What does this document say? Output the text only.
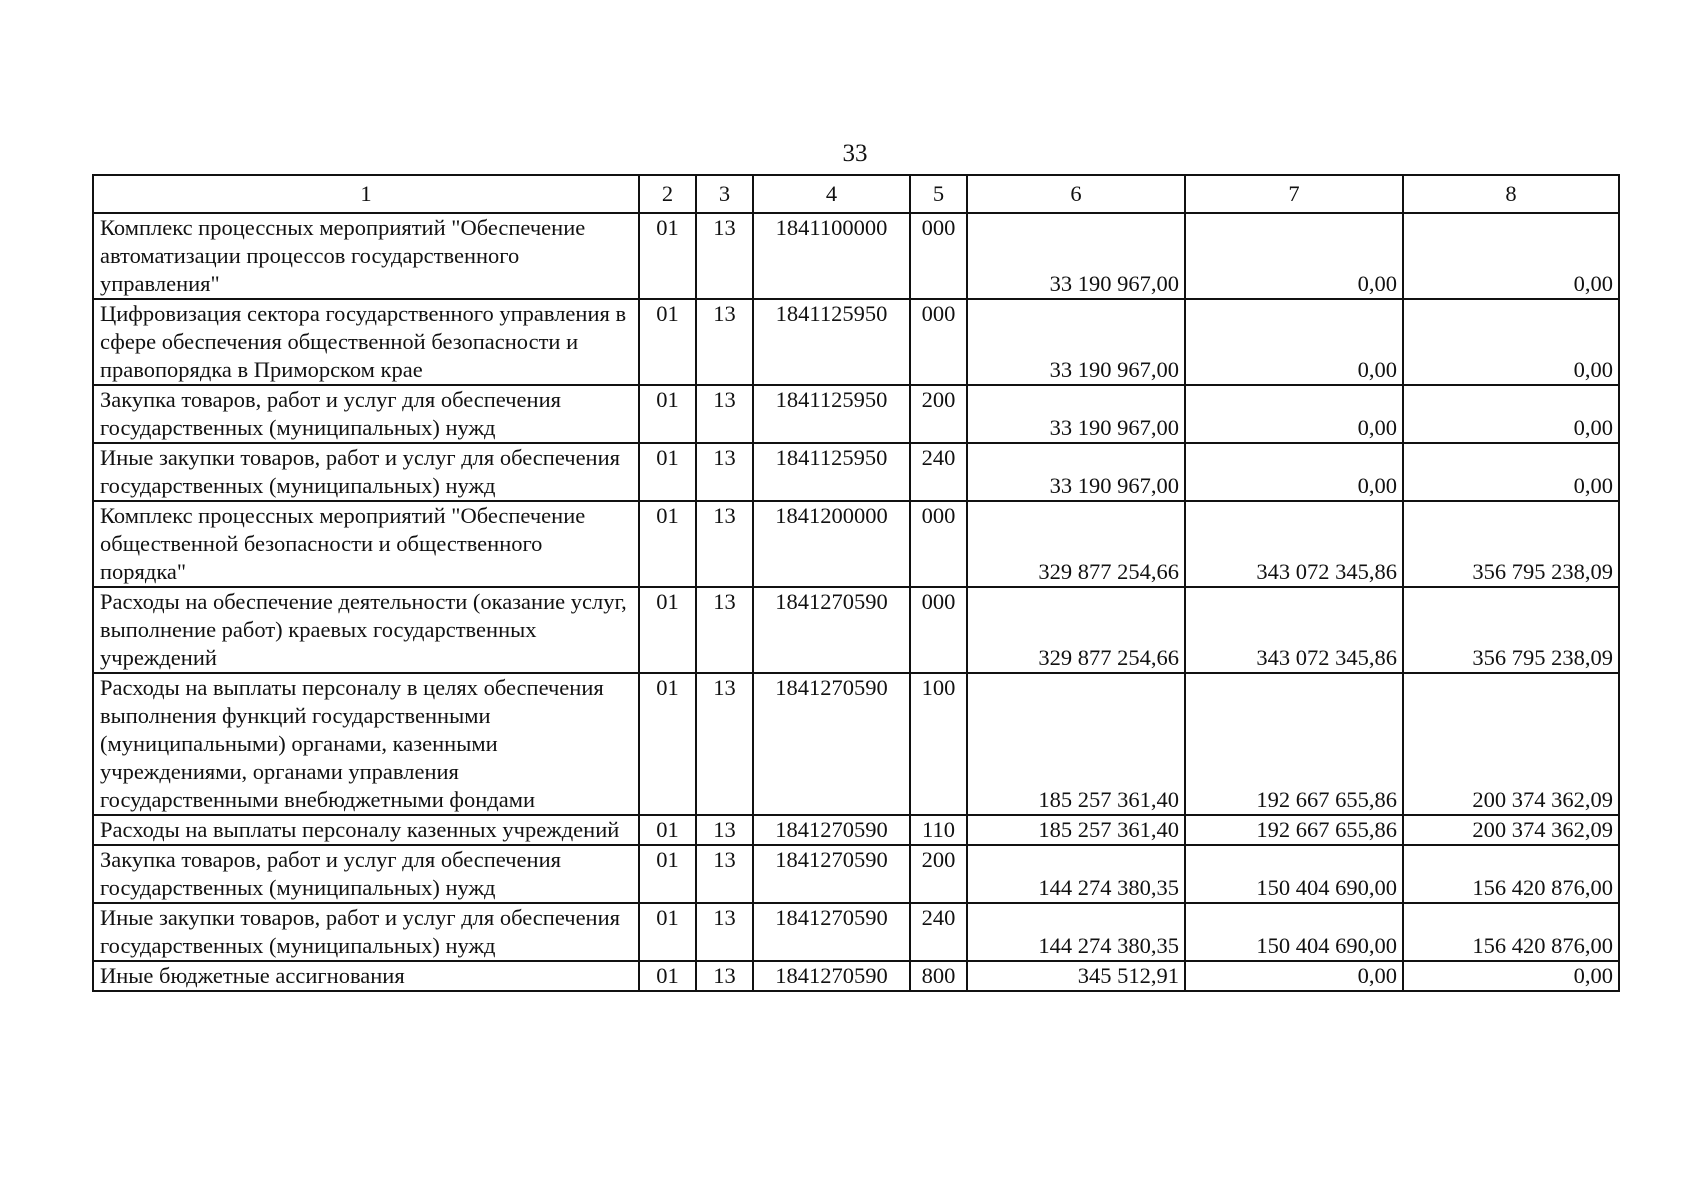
33
1	2	3	4	5	6	7	8
Комплекс процессных мероприятий "Обеспечение автоматизации процессов государственного управления"	01	13	1841100000	000	33 190 967,00	0,00	0,00
Цифровизация сектора государственного управления в сфере обеспечения общественной безопасности и правопорядка в Приморском крае	01	13	1841125950	000	33 190 967,00	0,00	0,00
Закупка товаров, работ и услуг для обеспечения государственных (муниципальных) нужд	01	13	1841125950	200	33 190 967,00	0,00	0,00
Иные закупки товаров, работ и услуг для обеспечения государственных (муниципальных) нужд	01	13	1841125950	240	33 190 967,00	0,00	0,00
Комплекс процессных мероприятий "Обеспечение общественной безопасности и общественного порядка"	01	13	1841200000	000	329 877 254,66	343 072 345,86	356 795 238,09
Расходы на обеспечение деятельности (оказание услуг, выполнение работ) краевых государственных учреждений	01	13	1841270590	000	329 877 254,66	343 072 345,86	356 795 238,09
Расходы на выплаты персоналу в целях обеспечения выполнения функций государственными (муниципальными) органами, казенными учреждениями, органами управления государственными внебюджетными фондами	01	13	1841270590	100	185 257 361,40	192 667 655,86	200 374 362,09
Расходы на выплаты персоналу казенных учреждений	01	13	1841270590	110	185 257 361,40	192 667 655,86	200 374 362,09
Закупка товаров, работ и услуг для обеспечения государственных (муниципальных) нужд	01	13	1841270590	200	144 274 380,35	150 404 690,00	156 420 876,00
Иные закупки товаров, работ и услуг для обеспечения государственных (муниципальных) нужд	01	13	1841270590	240	144 274 380,35	150 404 690,00	156 420 876,00
Иные бюджетные ассигнования	01	13	1841270590	800	345 512,91	0,00	0,00
